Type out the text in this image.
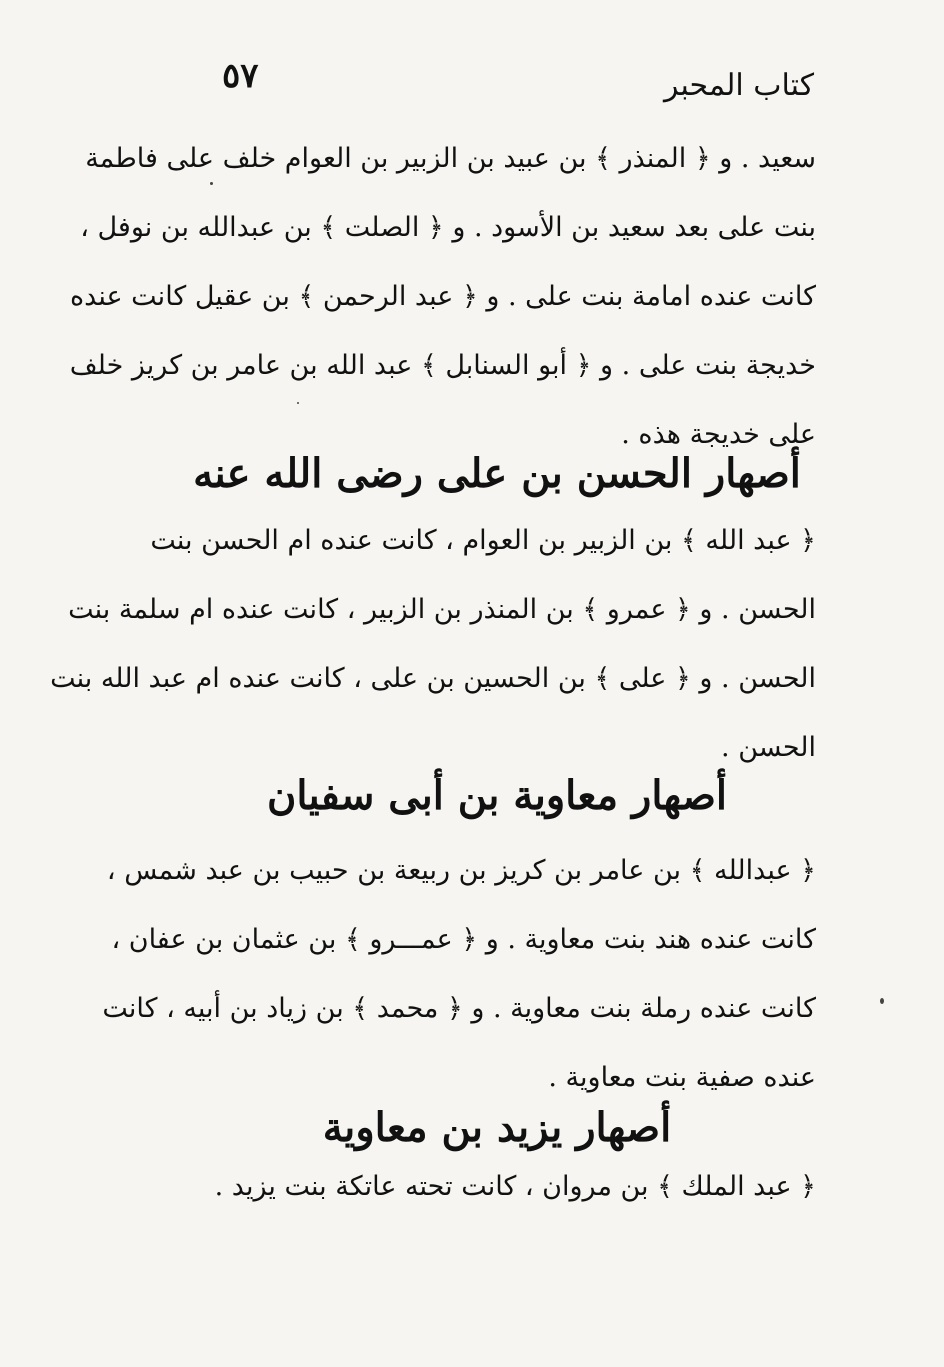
كتاب المحبر
٥٧
سعيد . و ﴿ المنذر ﴾ بن عبيد بن الزبير بن العوام خلف على فاطمة
بنت على بعد سعيد بن الأسود . و ﴿ الصلت ﴾ بن عبدالله بن نوفل ،
كانت عنده امامة بنت على . و ﴿ عبد الرحمن ﴾ بن عقيل كانت عنده
خديجة بنت على . و ﴿ أبو السنابل ﴾ عبد الله بن عامر بن كريز خلف
على خديجة هذه .
أصهار الحسن بن على رضى الله عنه
﴿ عبد الله ﴾ بن الزبير بن العوام ، كانت عنده ام الحسن بنت
الحسن . و ﴿ عمرو ﴾ بن المنذر بن الزبير ، كانت عنده ام سلمة بنت
الحسن . و ﴿ على ﴾ بن الحسين بن على ، كانت عنده ام عبد الله بنت
الحسن .
أصهار معاوية بن أبى سفيان
﴿ عبدالله ﴾ بن عامر بن كريز بن ربيعة بن حبيب بن عبد شمس ،
كانت عنده هند بنت معاوية . و ﴿ عمـــرو ﴾ بن عثمان بن عفان ،
كانت عنده رملة بنت معاوية . و ﴿ محمد ﴾ بن زياد بن أبيه ، كانت
عنده صفية بنت معاوية .
أصهار يزيد بن معاوية
﴿ عبد الملك ﴾ بن مروان ، كانت تحته عاتكة بنت يزيد .
